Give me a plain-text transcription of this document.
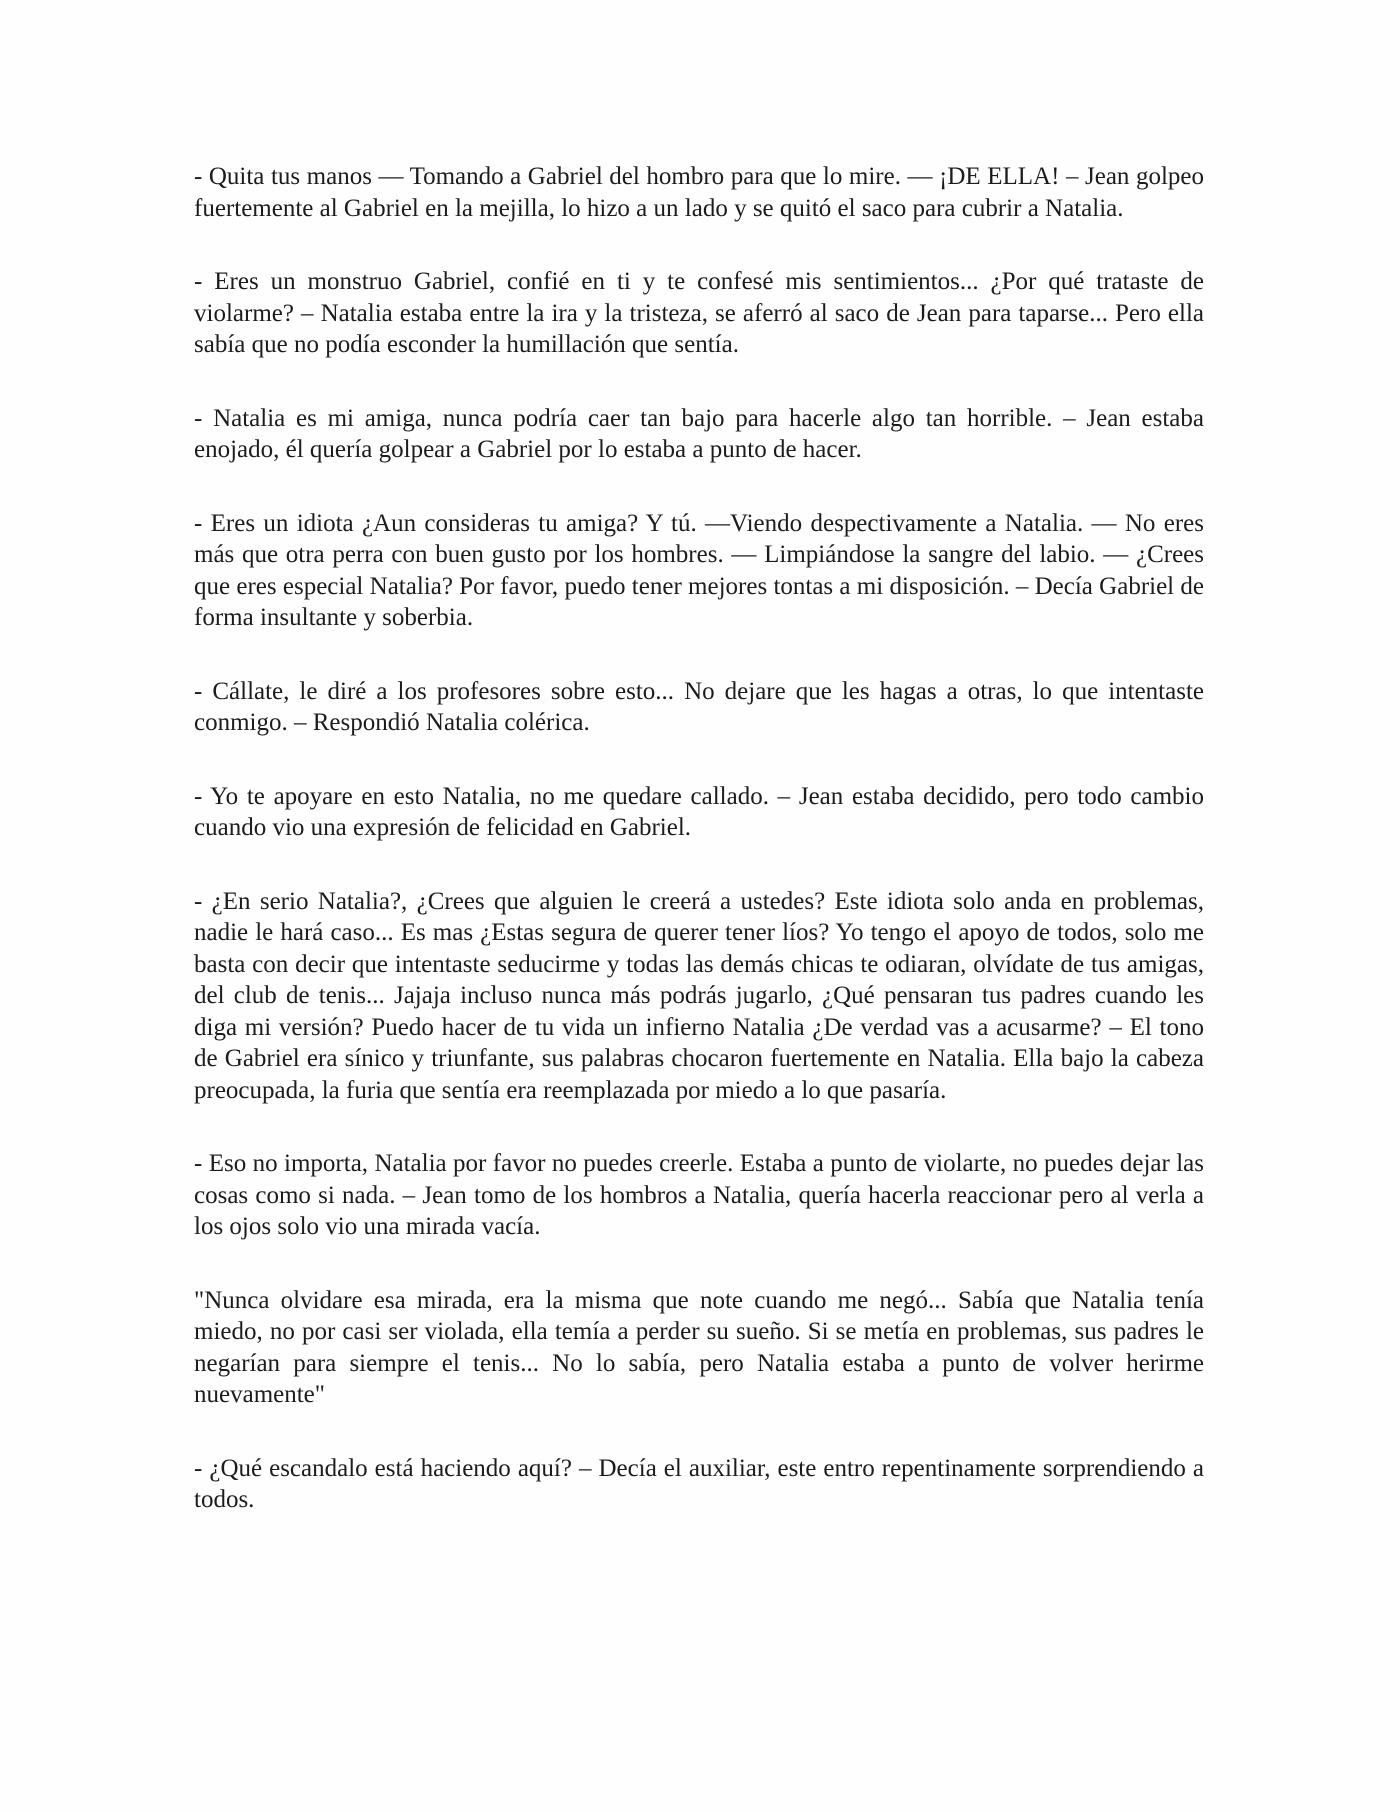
- Quita tus manos — Tomando a Gabriel del hombro para que lo mire. — ¡DE ELLA! – Jean golpeo fuertemente al Gabriel en la mejilla, lo hizo a un lado y se quitó el saco para cubrir a Natalia.

- Eres un monstruo Gabriel, confié en ti y te confesé mis sentimientos... ¿Por qué trataste de violarme? – Natalia estaba entre la ira y la tristeza, se aferró al saco de Jean para taparse... Pero ella sabía que no podía esconder la humillación que sentía.

- Natalia es mi amiga, nunca podría caer tan bajo para hacerle algo tan horrible. – Jean estaba enojado, él quería golpear a Gabriel por lo estaba a punto de hacer.

- Eres un idiota ¿Aun consideras tu amiga? Y tú. —Viendo despectivamente a Natalia. — No eres más que otra perra con buen gusto por los hombres. — Limpiándose la sangre del labio. — ¿Crees que eres especial Natalia? Por favor, puedo tener mejores tontas a mi disposición. – Decía Gabriel de forma insultante y soberbia.

- Cállate, le diré a los profesores sobre esto... No dejare que les hagas a otras, lo que intentaste conmigo. – Respondió Natalia colérica.

- Yo te apoyare en esto Natalia, no me quedare callado. – Jean estaba decidido, pero todo cambio cuando vio una expresión de felicidad en Gabriel.

- ¿En serio Natalia?, ¿Crees que alguien le creerá a ustedes? Este idiota solo anda en problemas, nadie le hará caso... Es mas ¿Estas segura de querer tener líos? Yo tengo el apoyo de todos, solo me basta con decir que intentaste seducirme y todas las demás chicas te odiaran, olvídate de tus amigas, del club de tenis... Jajaja incluso nunca más podrás jugarlo, ¿Qué pensaran tus padres cuando les diga mi versión? Puedo hacer de tu vida un infierno Natalia ¿De verdad vas a acusarme? – El tono de Gabriel era sínico y triunfante, sus palabras chocaron fuertemente en Natalia. Ella bajo la cabeza preocupada, la furia que sentía era reemplazada por miedo a lo que pasaría.

- Eso no importa, Natalia por favor no puedes creerle. Estaba a punto de violarte, no puedes dejar las cosas como si nada. – Jean tomo de los hombros a Natalia, quería hacerla reaccionar pero al verla a los ojos solo vio una mirada vacía.

"Nunca olvidare esa mirada, era la misma que note cuando me negó... Sabía que Natalia tenía miedo, no por casi ser violada, ella temía a perder su sueño. Si se metía en problemas, sus padres le negarían para siempre el tenis... No lo sabía, pero Natalia estaba a punto de volver herirme nuevamente"

- ¿Qué escandalo está haciendo aquí? – Decía el auxiliar, este entro repentinamente sorprendiendo a todos.
